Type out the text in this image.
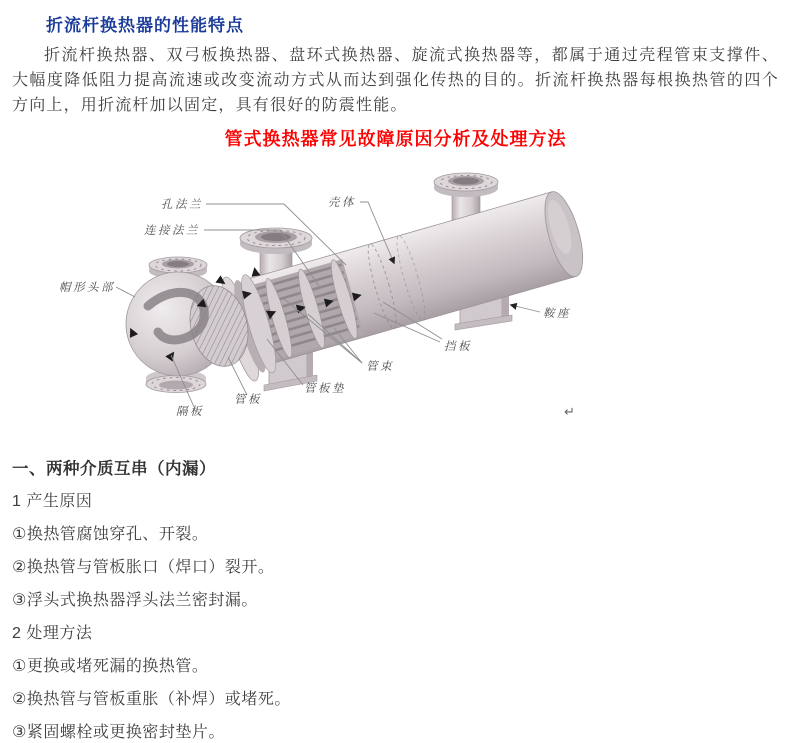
折流杆换热器的性能特点

折流杆换热器、双弓板换热器、盘环式换热器、旋流式换热器等，都属于通过壳程管束支撑件、大幅度降低阻力提高流速或改变流动方式从而达到强化传热的目的。折流杆换热器每根换热管的四个方向上，用折流杆加以固定，具有很好的防震性能。

管式换热器常见故障原因分析及处理方法
孔法兰
连接法兰
帽形头部
壳体
鞍座
挡板
管束
管板垫
管板
隔板	↵
一、两种介质互串（内漏）

1 产生原因

①换热管腐蚀穿孔、开裂。

②换热管与管板胀口（焊口）裂开。

③浮头式换热器浮头法兰密封漏。

2 处理方法

①更换或堵死漏的换热管。

②换热管与管板重胀（补焊）或堵死。

③紧固螺栓或更换密封垫片。
